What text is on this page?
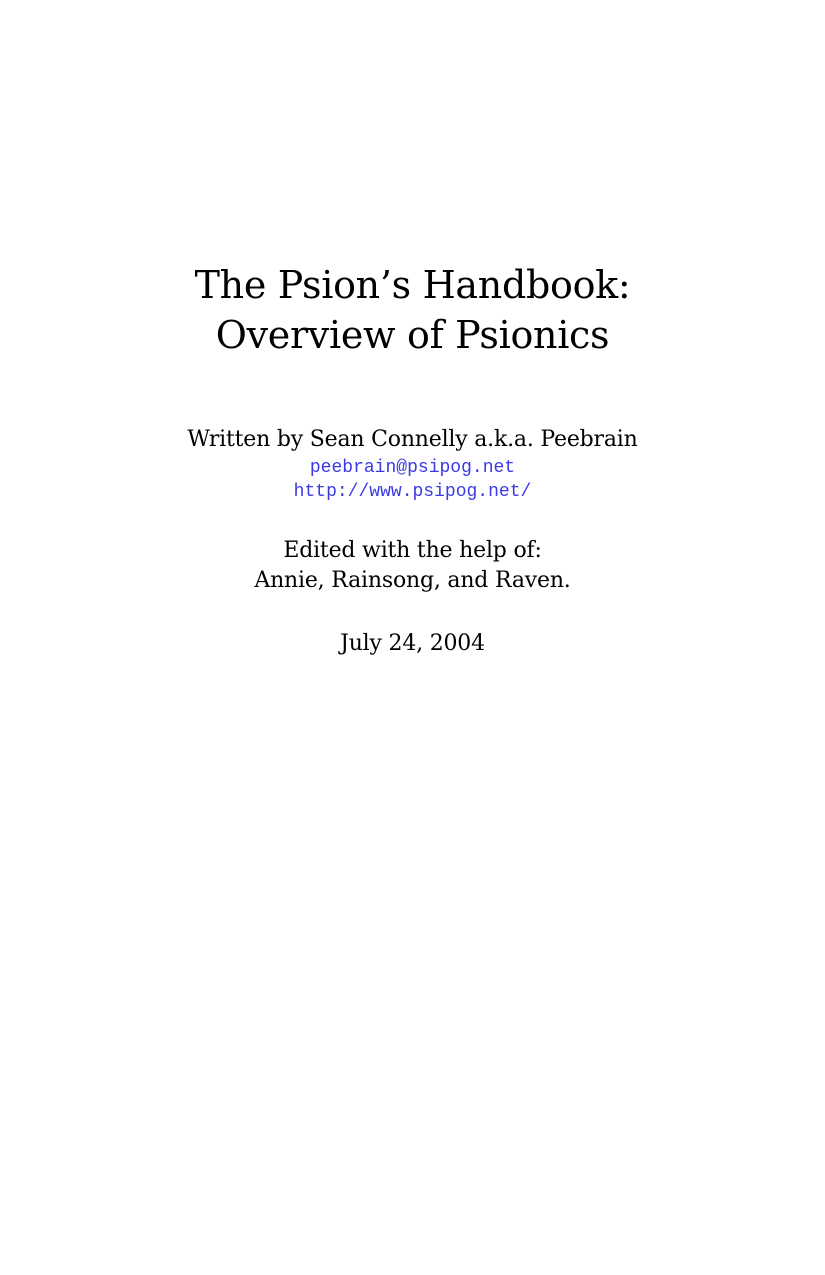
The Psion’s Handbook:
Overview of Psionics
Written by Sean Connelly a.k.a. Peebrain
peebrain@psipog.net
http://www.psipog.net/
Edited with the help of:
Annie, Rainsong, and Raven.
July 24, 2004
